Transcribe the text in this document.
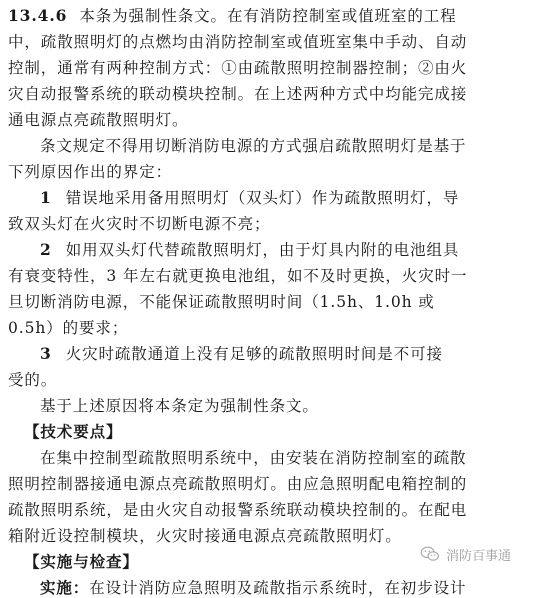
13.4.6 本条为强制性条文。在有消防控制室或值班室的工程
中，疏散照明灯的点燃均由消防控制室或值班室集中手动、自动
控制，通常有两种控制方式：①由疏散照明控制器控制；②由火
灾自动报警系统的联动模块控制。在上述两种方式中均能完成接
通电源点亮疏散照明灯。
条文规定不得用切断消防电源的方式强启疏散照明灯是基于
下列原因作出的界定：
1 错误地采用备用照明灯（双头灯）作为疏散照明灯，导
致双头灯在火灾时不切断电源不亮；
2 如用双头灯代替疏散照明灯，由于灯具内附的电池组具
有衰变特性，3 年左右就更换电池组，如不及时更换，火灾时一
旦切断消防电源，不能保证疏散照明时间（1.5h、1.0h 或
0.5h）的要求；
3 火灾时疏散通道上没有足够的疏散照明时间是不可接
受的。
基于上述原因将本条定为强制性条文。
【技术要点】
在集中控制型疏散照明系统中，由安装在消防控制室的疏散
照明控制器接通电源点亮疏散照明灯。由应急照明配电箱控制的
疏散照明系统，是由火灾自动报警系统联动模块控制的。在配电
箱附近设控制模块，火灾时接通电源点亮疏散照明灯。
【实施与检查】
实施：在设计消防应急照明及疏散指示系统时，在初步设计
消防百事通
